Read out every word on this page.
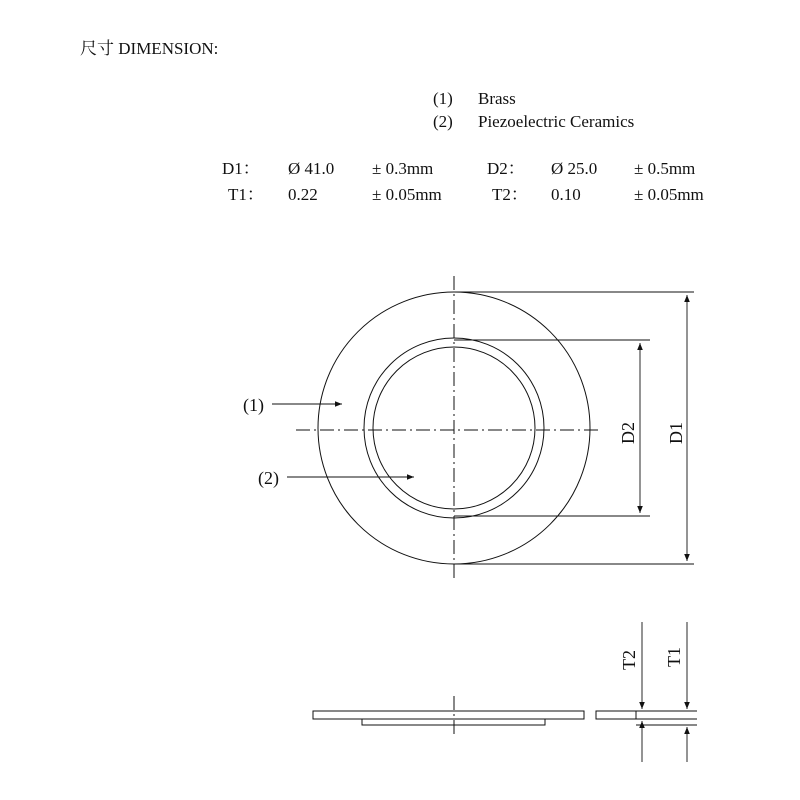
尺寸 DIMENSION:
(1) Brass
(2) Piezoelectric Ceramics
D1： Ø 41.0 ± 0.3mm	D2： Ø 25.0 ± 0.5mm
T1： 0.22	± 0.05mm	T2： 0.10	± 0.05mm
D1
D2
(1)
(2)
T2 T1
